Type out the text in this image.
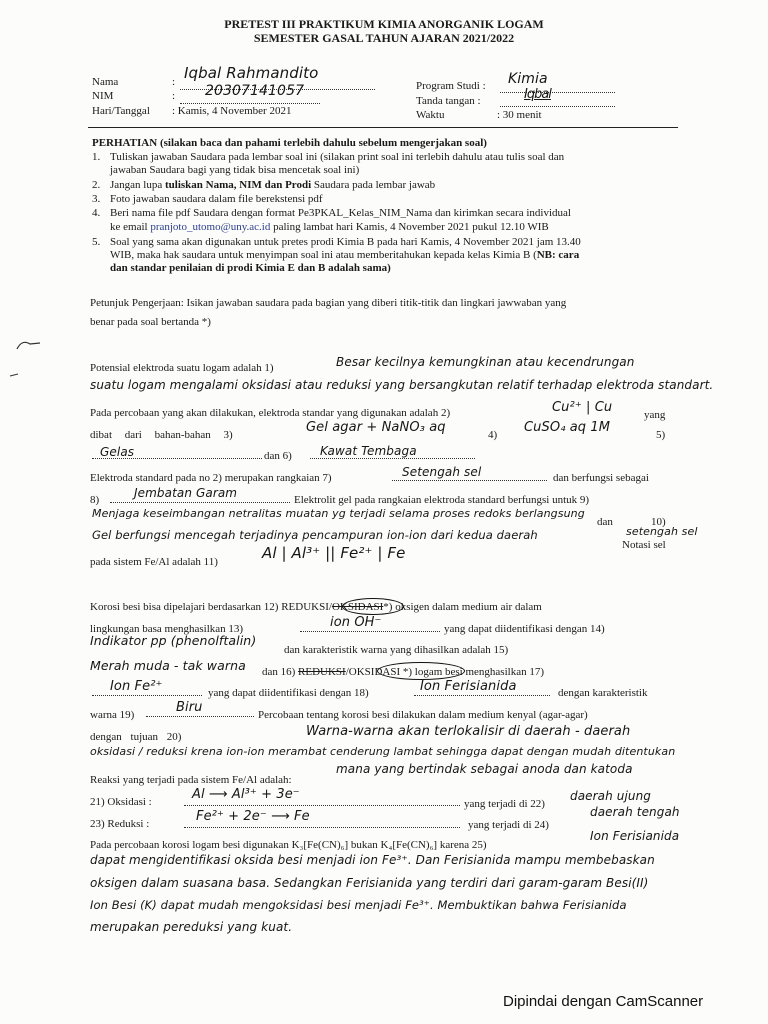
PRETEST III PRAKTIKUM KIMIA ANORGANIK LOGAM
SEMESTER GASAL TAHUN AJARAN 2021/2022
Nama	: Iqbal Rahmandito
NIM	: 20307141057
Hari/Tanggal : Kamis, 4 November 2021
Program Studi : Kimia
Tanda tangan :	Iqbal
Waktu	: 30 menit
PERHATIAN (silakan baca dan pahami terlebih dahulu sebelum mengerjakan soal)
1. Tuliskan jawaban Saudara pada lembar soal ini (silakan print soal ini terlebih dahulu atau tulis soal dan
jawaban Saudara bagi yang tidak bisa mencetak soal ini)
2. Jangan lupa tuliskan Nama, NIM dan Prodi Saudara pada lembar jawab
3. Foto jawaban saudara dalam file berekstensi pdf
4. Beri nama file pdf Saudara dengan format Pe3PKAL_Kelas_NIM_Nama dan kirimkan secara individual
ke email pranjoto_utomo@uny.ac.id paling lambat hari Kamis, 4 November 2021 pukul 12.10 WIB
5. Soal yang sama akan digunakan untuk pretes prodi Kimia B pada hari Kamis, 4 November 2021 jam 13.40
WIB, maka hak saudara untuk menyimpan soal ini atau memberitahukan kepada kelas Kimia B (NB: cara
dan standar penilaian di prodi Kimia E dan B adalah sama)
Petunjuk Pengerjaan: Isikan jawaban saudara pada bagian yang diberi titik-titik dan lingkari jawwaban yang
benar pada soal bertanda *)
Potensial elektroda suatu logam adalah 1)	Besar kecilnya kemungkinan atau kecendrungan
suatu logam mengalami oksidasi atau reduksi yang bersangkutan relatif terhadap elektroda standart.
Pada percobaan yang akan dilakukan, elektroda standar yang digunakan adalah 2)	Cu²⁺ | Cu	yang
dibat dari bahan-bahan 3)	Gel agar + NaNO₃ aq	4) CuSO₄ aq 1M	5)
Gelas	dan 6) Kawat Tembaga
Elektroda standard pada no 2) merupakan rangkaian 7)	Setengah sel	dan berfungsi sebagai
8)	Jembatan Garam	Elektrolit gel pada rangkaian elektroda standard berfungsi untuk 9)
Menjaga keseimbangan netralitas muatan yg terjadi selama proses redoks berlangsung
dan	10)
Gel berfungsi mencegah terjadinya pencampuran ion-ion dari kedua daerah	setengah sel
Notasi sel
pada sistem Fe/Al adalah 11)	Al | Al³⁺ || Fe²⁺ | Fe
Korosi besi bisa dipelajari berdasarkan 12) REDUKSI/OKSIDASI*) oksigen dalam medium air dalam
lingkungan basa menghasilkan 13)	ion OH⁻	yang dapat diidentifikasi dengan 14)
Indikator pp (phenolftalin)
dan karakteristik warna yang dihasilkan adalah 15)
Merah muda - tak warna dan 16) REDUKSI/OKSIDASI *) logam besi menghasilkan 17)
Ion Fe²⁺	yang dapat diidentifikasi dengan 18)	Ion Ferisianida	dengan karakteristik
warna 19)	Biru	Percobaan tentang korosi besi dilakukan dalam medium kenyal (agar-agar)
dengan tujuan 20)	Warna-warna akan terlokalisir di daerah - daerah
oksidasi / reduksi krena ion-ion merambat cenderung lambat sehingga dapat dengan mudah ditentukan
mana yang bertindak sebagai anoda dan katoda
Reaksi yang terjadi pada sistem Fe/Al adalah:
21) Oksidasi :	Al ⟶ Al³⁺ + 3e⁻
yang terjadi di 22)
daerah ujung
23) Reduksi :	Fe²⁺ + 2e⁻ ⟶ Fe
yang terjadi di 24)
daerah tengah
Pada percobaan korosi logam besi digunakan K₃[Fe(CN)₆] bukan K₄[Fe(CN)₆] karena 25)
Ion Ferisianida
dapat mengidentifikasi oksida besi menjadi ion Fe³⁺. Dan Ferisianida mampu membebaskan
oksigen dalam suasana basa. Sedangkan Ferisianida yang terdiri dari garam-garam Besi(II)
Ion Besi (K) dapat mudah mengoksidasi besi menjadi Fe³⁺. Membuktikan bahwa Ferisianida
merupakan pereduksi yang kuat.
Dipindai dengan CamScanner
